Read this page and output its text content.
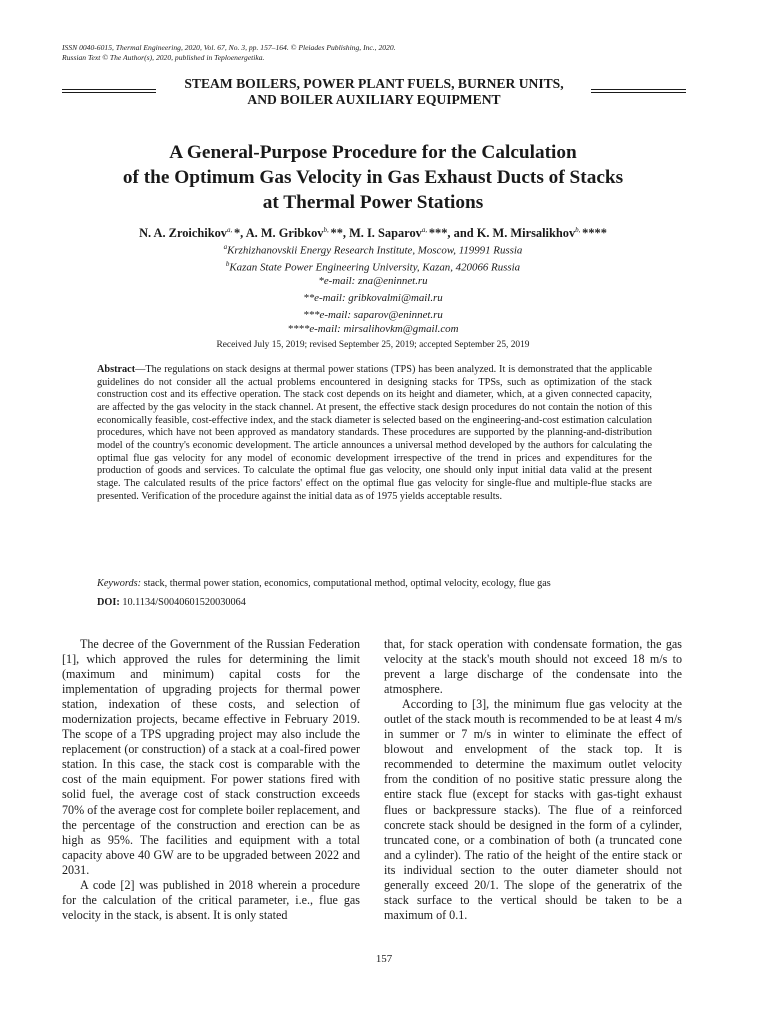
ISSN 0040-6015, Thermal Engineering, 2020, Vol. 67, No. 3, pp. 157–164. © Pleiades Publishing, Inc., 2020.
Russian Text © The Author(s), 2020, published in Teploenergetika.
STEAM BOILERS, POWER PLANT FUELS, BURNER UNITS,
AND BOILER AUXILIARY EQUIPMENT
A General-Purpose Procedure for the Calculation
of the Optimum Gas Velocity in Gas Exhaust Ducts of Stacks
at Thermal Power Stations
N. A. Zroichikov$^{a,}$ *, A. M. Gribkov$^{b,}$ **, M. I. Saparov$^{a,}$ ***, and K. M. Mirsalikhov$^{b,}$ ****
$^a$Krzhizhanovskii Energy Research Institute, Moscow, 119991 Russia
$^b$Kazan State Power Engineering University, Kazan, 420066 Russia
*e-mail: zna@eninnet.ru
**e-mail: gribkovalmi@mail.ru
***e-mail: saparov@eninnet.ru
****e-mail: mirsalihovkm@gmail.com
Received July 15, 2019; revised September 25, 2019; accepted September 25, 2019
Abstract—The regulations on stack designs at thermal power stations (TPS) has been analyzed. It is demonstrated that the applicable guidelines do not consider all the actual problems encountered in designing stacks for TPSs, such as optimization of the stack construction cost and its effective operation. The stack cost depends on its height and diameter, which, at a given connected capacity, are affected by the gas velocity in the stack channel. At present, the effective stack design procedures do not contain the notion of this economically feasible, cost-effective index, and the stack diameter is selected based on the engineering-and-cost estimation calculation procedures, which have not been approved as mandatory standards. These procedures are supported by the planning-and-distribution model of the country's economic development. The article announces a universal method developed by the authors for calculating the optimal flue gas velocity for any model of economic development irrespective of the trend in prices and expenditures for the production of goods and services. To calculate the optimal flue gas velocity, one should only input initial data valid at the present stage. The calculated results of the price factors' effect on the optimal flue gas velocity for single-flue and multiple-flue stacks are presented. Verification of the procedure against the initial data as of 1975 yields acceptable results.
Keywords: stack, thermal power station, economics, computational method, optimal velocity, ecology, flue gas
DOI: 10.1134/S0040601520030064

The decree of the Government of the Russian Federation [1], which approved the rules for determining the limit (maximum and minimum) capital costs for the implementation of upgrading projects for thermal power station, indexation of these costs, and selection of modernization projects, became effective in February 2019. The scope of a TPS upgrading project may also include the replacement (or construction) of a stack at a coal-fired power station. In this case, the stack cost is comparable with the cost of the main equipment. For power stations fired with solid fuel, the average cost of stack construction exceeds 70% of the average cost for complete boiler replacement, and the percentage of the construction and erection can be as high as 95%. The facilities and equipment with a total capacity above 40 GW are to be upgraded between 2022 and 2031.

A code [2] was published in 2018 wherein a procedure for the calculation of the critical parameter, i.e., flue gas velocity in the stack, is absent. It is only stated

that, for stack operation with condensate formation, the gas velocity at the stack's mouth should not exceed 18 m/s to prevent a large discharge of the condensate into the atmosphere.

According to [3], the minimum flue gas velocity at the outlet of the stack mouth is recommended to be at least 4 m/s in summer or 7 m/s in winter to eliminate the effect of blowout and envelopment of the stack top. It is recommended to determine the maximum outlet velocity from the condition of no positive static pressure along the entire stack flue (except for stacks with gas-tight exhaust flues or backpressure stacks). The flue of a reinforced concrete stack should be designed in the form of a cylinder, truncated cone, or a combination of both (a truncated cone and a cylinder). The ratio of the height of the entire stack or its individual section to the outer diameter should not generally exceed 20/1. The slope of the generatrix of the stack surface to the vertical should be taken to be a maximum of 0.1.

157
